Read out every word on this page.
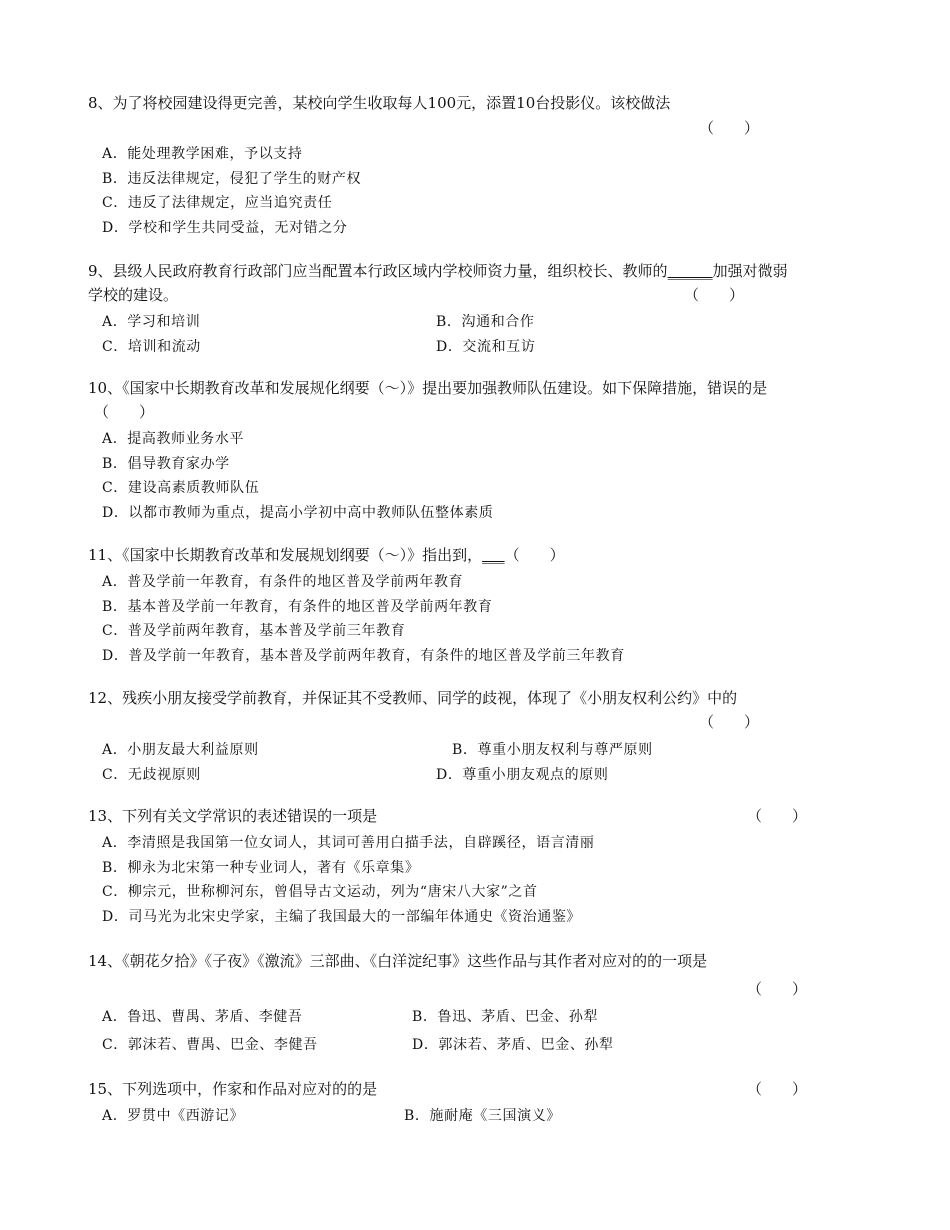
8、为了将校园建设得更完善，某校向学生收取每人100元，添置10台投影仪。该校做法

（　　）
A．能处理教学困难，予以支持
B．违反法律规定，侵犯了学生的财产权
C．违反了法律规定，应当追究责任
D．学校和学生共同受益，无对错之分

9、县级人民政府教育行政部门应当配置本行政区域内学校师资力量，组织校长、教师的______加强对微弱

学校的建设。	（　　）
A．学习和培训	B．沟通和合作
C．培训和流动	D．交流和互访

10、《国家中长期教育改革和发展规化纲要（～）》提出要加强教师队伍建设。如下保障措施，错误的是

（　　）

A．提高教师业务水平
B．倡导教育家办学
C．建设高素质教师队伍
D．以都市教师为重点，提高小学初中高中教师队伍整体素质

11、《国家中长期教育改革和发展规划纲要（～）》指出到，___（　　）

A．普及学前一年教育，有条件的地区普及学前两年教育
B．基本普及学前一年教育，有条件的地区普及学前两年教育
C．普及学前两年教育，基本普及学前三年教育
D．普及学前一年教育，基本普及学前两年教育，有条件的地区普及学前三年教育

12、残疾小朋友接受学前教育，并保证其不受教师、同学的歧视，体现了《小朋友权利公约》中的

（　　）
A．小朋友最大利益原则	B．尊重小朋友权利与尊严原则
C．无歧视原则	D．尊重小朋友观点的原则

13、下列有关文学常识的表述错误的一项是	（　　）
A．李清照是我国第一位女词人，其词可善用白描手法，自辟蹊径，语言清丽
B．柳永为北宋第一种专业词人，著有《乐章集》
C．柳宗元，世称柳河东，曾倡导古文运动，列为“唐宋八大家”之首
D．司马光为北宋史学家，主编了我国最大的一部编年体通史《资治通鉴》

14、《朝花夕拾》《子夜》《激流》三部曲、《白洋淀纪事》这些作品与其作者对应对的的一项是

（　　）
A．鲁迅、曹禺、茅盾、李健吾	B．鲁迅、茅盾、巴金、孙犁
C．郭沫若、曹禺、巴金、李健吾	D．郭沫若、茅盾、巴金、孙犁

15、下列选项中，作家和作品对应对的的是	（　　）
A．罗贯中《西游记》	B．施耐庵《三国演义》
